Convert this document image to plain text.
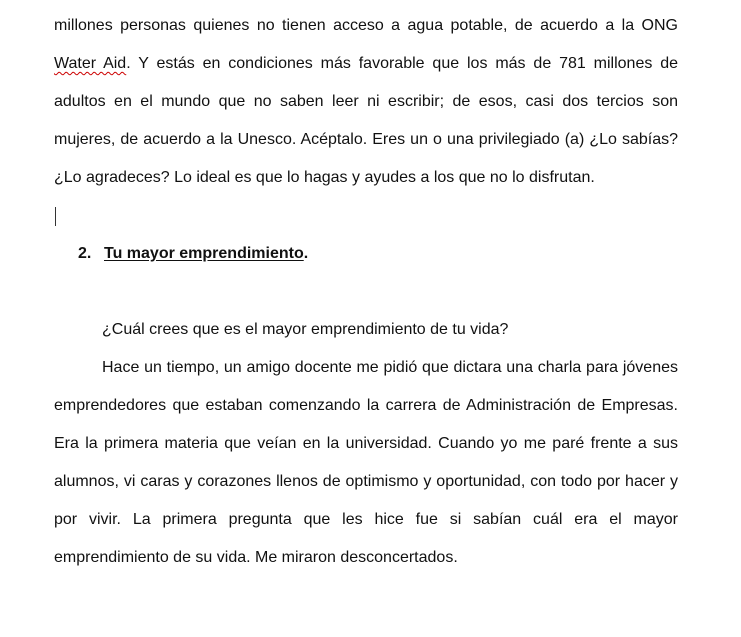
millones personas quienes no tienen acceso a agua potable, de acuerdo a la ONG
Water Aid. Y estás en condiciones más favorable que los más de 781 millones de
adultos en el mundo que no saben leer ni escribir; de esos, casi dos tercios son
mujeres, de acuerdo a la Unesco. Acéptalo. Eres un o una privilegiado (a) ¿Lo sabías?
¿Lo agradeces? Lo ideal es que lo hagas y ayudes a los que no lo disfrutan.
2. Tu mayor emprendimiento.
¿Cuál crees que es el mayor emprendimiento de tu vida?
Hace un tiempo, un amigo docente me pidió que dictara una charla para jóvenes
emprendedores que estaban comenzando la carrera de Administración de Empresas.
Era la primera materia que veían en la universidad. Cuando yo me paré frente a sus
alumnos, vi caras y corazones llenos de optimismo y oportunidad, con todo por hacer y
por vivir. La primera pregunta que les hice fue si sabían cuál era el mayor
emprendimiento de su vida. Me miraron desconcertados.
